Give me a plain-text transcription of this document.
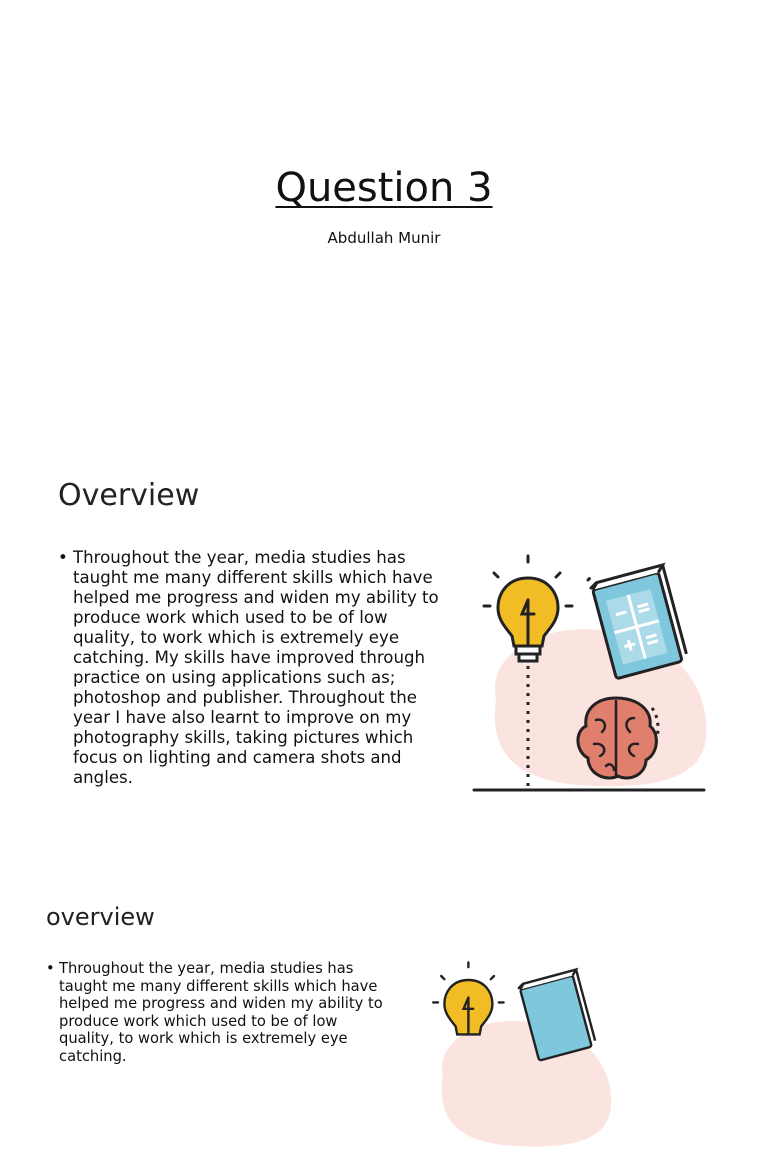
Question 3

Abdullah Munir

Overview
• Throughout the year, media studies has taught me many different skills which have helped me progress and widen my ability to produce work which used to be of low quality, to work which is extremely eye catching. My skills have improved through practice on using applications such as; photoshop and publisher. Throughout the year I have also learnt to improve on my photography skills, taking pictures which focus on lighting and camera shots and angles.
overview
• Throughout the year, media studies has taught me many different skills which have helped me progress and widen my ability to produce work which used to be of low quality, to work which is extremely eye catching.
